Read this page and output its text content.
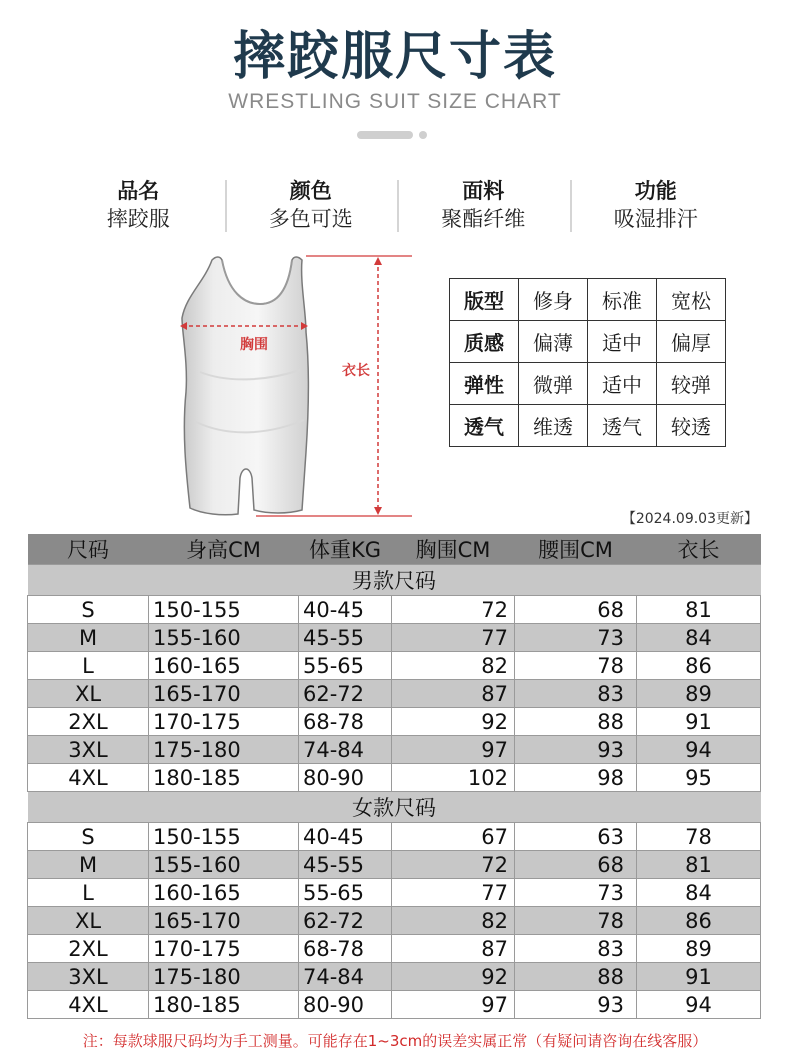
摔跤服尺寸表
WRESTLING SUIT SIZE CHART
品名
摔跤服
颜色
多色可选
面料
聚酯纤维
功能
吸湿排汗
胸围
衣长
版型	修身	标准	宽松
质感	偏薄	适中	偏厚
弹性	微弹	适中	较弹
透气	维透	透气	较透
【2024.09.03更新】
尺码	身高CM	体重KG	胸围CM	腰围CM	衣长
男款尺码					
S	150-155	40-45	72	68	81
M	155-160	45-55	77	73	84
L	160-165	55-65	82	78	86
XL	165-170	62-72	87	83	89
2XL	170-175	68-78	92	88	91
3XL	175-180	74-84	97	93	94
4XL	180-185	80-90	102	98	95
女款尺码					
S	150-155	40-45	67	63	78
M	155-160	45-55	72	68	81
L	160-165	55-65	77	73	84
XL	165-170	62-72	82	78	86
2XL	170-175	68-78	87	83	89
3XL	175-180	74-84	92	88	91
4XL	180-185	80-90	97	93	94
注：每款球服尺码均为手工测量。可能存在1~3cm的误差实属正常（有疑问请咨询在线客服）
